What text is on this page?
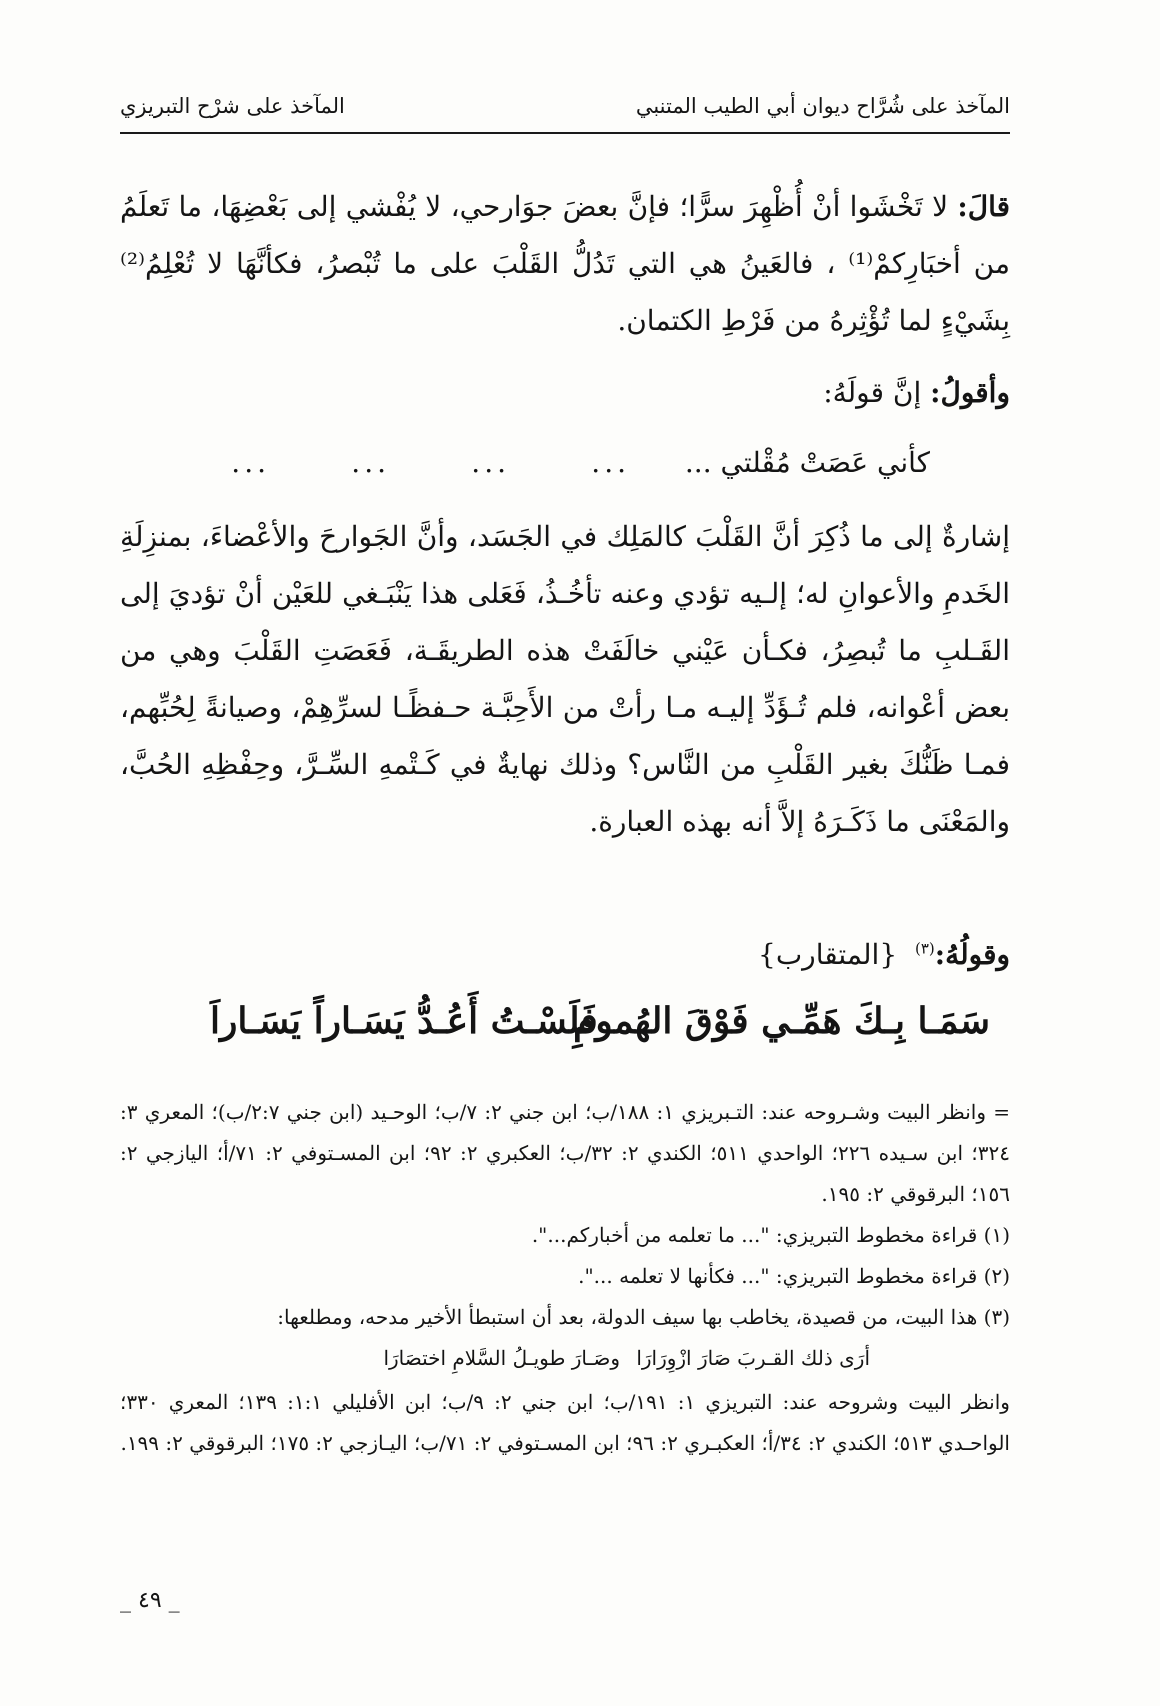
المآخذ على شُرَّاح ديوان أبي الطيب المتنبي
المآخذ على شرْح التبريزي

قالَ: لا تَخْشَوا أنْ أُظْهِرَ سرًّا؛ فإنَّ بعضَ جوَارحي، لا يُفْشي إلى بَعْضِهَا، ما تَعلَمُ من أخبَارِكمْ⁽¹⁾ ، فالعَينُ هي التي تَدُلُّ القَلْبَ على ما تُبْصرُ، فكأنَّهَا لا تُعْلِمُ⁽²⁾ بِشَيْءٍ لما تُؤْثِرهُ من فَرْطِ الكتمان.

وأقولُ: إنَّ قولَهُ:

كأني عَصَتْ مُقْلتي ...
...
...
...
...

إشارةٌ إلى ما ذُكِرَ أنَّ القَلْبَ كالمَلِك في الجَسَد، وأنَّ الجَوارحَ والأعْضاءَ، بمنزِلَةِ الخَدمِ والأعوانِ له؛ إلـيه تؤدي وعنه تأخُـذُ، فَعَلى هذا يَنْبَـغي للعَيْن أنْ تؤديَ إلى القَـلبِ ما تُبصِرُ، فكـأن عَيْني خالَفَتْ هذه الطريقَـة، فَعَصَتِ القَلْبَ وهي من بعض أعْوانه، فلم تُـؤَدِّ إليـه مـا رأتْ من الأَحِبَّـة حـفظًـا لسرِّهِمْ، وصيانةً لِحُبِّهم، فمـا ظَنُّكَ بغير القَلْبِ من النَّاس؟ وذلك نهايةٌ في كَـتْمهِ السِّـرَّ، وحِفْظِهِ الحُبَّ، والمَعْنَى ما ذَكَـرَهُ إلاَّ أنه بهذه العبارة.

وقولُهُ:$^{(٣)}$  {المتقارب}
سَمَـا بِـكَ هَمِّـي فَوْقَ الهُمومِ
فَلَسْـتُ أَعُـدُّ يَسَـاراً يَسَـاراَ

= وانظر البيت وشـروحه عند: التـبريزي ١: ١٨٨/ب؛ ابن جني ٢: ٧/ب؛ الوحـيد (ابن جني ٢:٧/ب)؛ المعري ٣: ٣٢٤؛ ابن سـيده ٢٢٦؛ الواحدي ٥١١؛ الكندي ٢: ٣٢/ب؛ العكبري ٢: ٩٢؛ ابن المسـتوفي ٢: ٧١/أ؛ اليازجي ٢: ١٥٦؛ البرقوقي ٢: ١٩٥.

(١) قراءة مخطوط التبريزي: "... ما تعلمه من أخباركم...".

(٢) قراءة مخطوط التبريزي: "... فكأنها لا تعلمه ...".

(٣) هذا البيت، من قصيدة، يخاطب بها سيف الدولة، بعد أن استبطأ الأخير مدحه، ومطلعها:

أرَى ذلك القـربَ صَارَ ازْوِرَارَا
وصَـارَ طويـلُ السَّلامِ اختصَارَا

وانظر البيت وشروحه عند: التبريزي ١: ١٩١/ب؛ ابن جني ٢: ٩/ب؛ ابن الأفليلي ١:١: ١٣٩؛ المعري ٣٣٠؛ الواحـدي ٥١٣؛ الكندي ٢: ٣٤/أ؛ العكبـري ٢: ٩٦؛ ابن المسـتوفي ٢: ٧١/ب؛ اليـازجي ٢: ١٧٥؛ البرقوقي ٢: ١٩٩.

_ ٤٩ _
